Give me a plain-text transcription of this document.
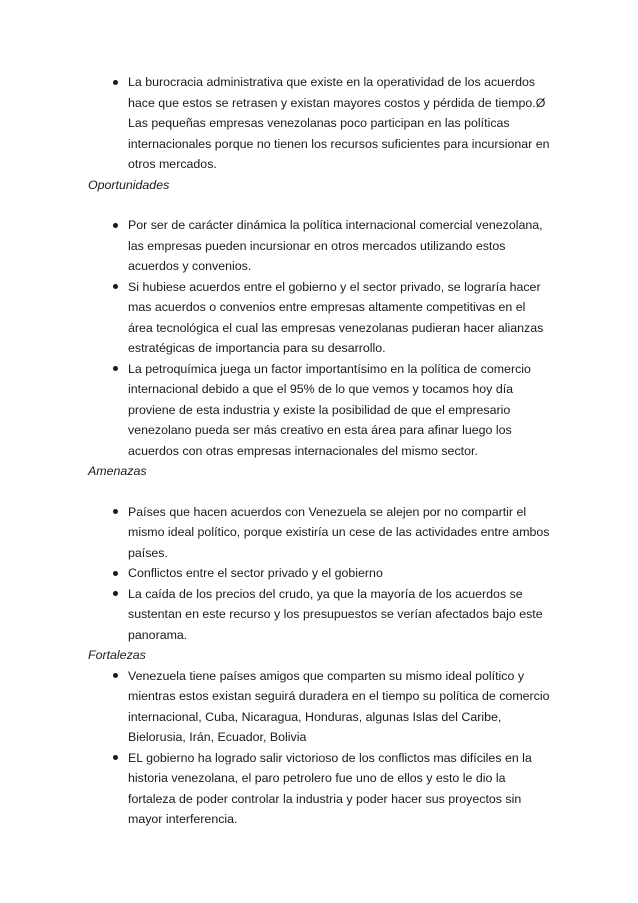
La burocracia administrativa que existe en la operatividad de los acuerdos
hace que estos se retrasen y existan mayores costos y pérdida de tiempo.Ø
Las pequeñas empresas venezolanas poco participan en las políticas
internacionales porque no tienen los recursos suficientes para incursionar en
otros mercados.

Oportunidades

Por ser de carácter dinámica la política internacional comercial venezolana,
las empresas pueden incursionar en otros mercados utilizando estos
acuerdos y convenios.
Si hubiese acuerdos entre el gobierno y el sector privado, se lograría hacer
mas acuerdos o convenios entre empresas altamente competitivas en el
área tecnológica el cual las empresas venezolanas pudieran hacer alianzas
estratégicas de importancia para su desarrollo.
La petroquímica juega un factor importantísimo en la política de comercio
internacional debido a que el 95% de lo que vemos y tocamos hoy día
proviene de esta industria y existe la posibilidad de que el empresario
venezolano pueda ser más creativo en esta área para afinar luego los
acuerdos con otras empresas internacionales del mismo sector.

Amenazas

Países que hacen acuerdos con Venezuela se alejen por no compartir el
mismo ideal político, porque existiría un cese de las actividades entre ambos
países.
Conflictos entre el sector privado y el gobierno
La caída de los precios del crudo, ya que la mayoría de los acuerdos se
sustentan en este recurso y los presupuestos se verían afectados bajo este
panorama.

Fortalezas

Venezuela tiene países amigos que comparten su mismo ideal político y
mientras estos existan seguirá duradera en el tiempo su política de comercio
internacional, Cuba, Nicaragua, Honduras, algunas Islas del Caribe,
Bielorusia, Irán, Ecuador, Bolivia
EL gobierno ha logrado salir victorioso de los conflictos mas difíciles en la
historia venezolana, el paro petrolero fue uno de ellos y esto le dio la
fortaleza de poder controlar la industria y poder hacer sus proyectos sin
mayor interferencia.
